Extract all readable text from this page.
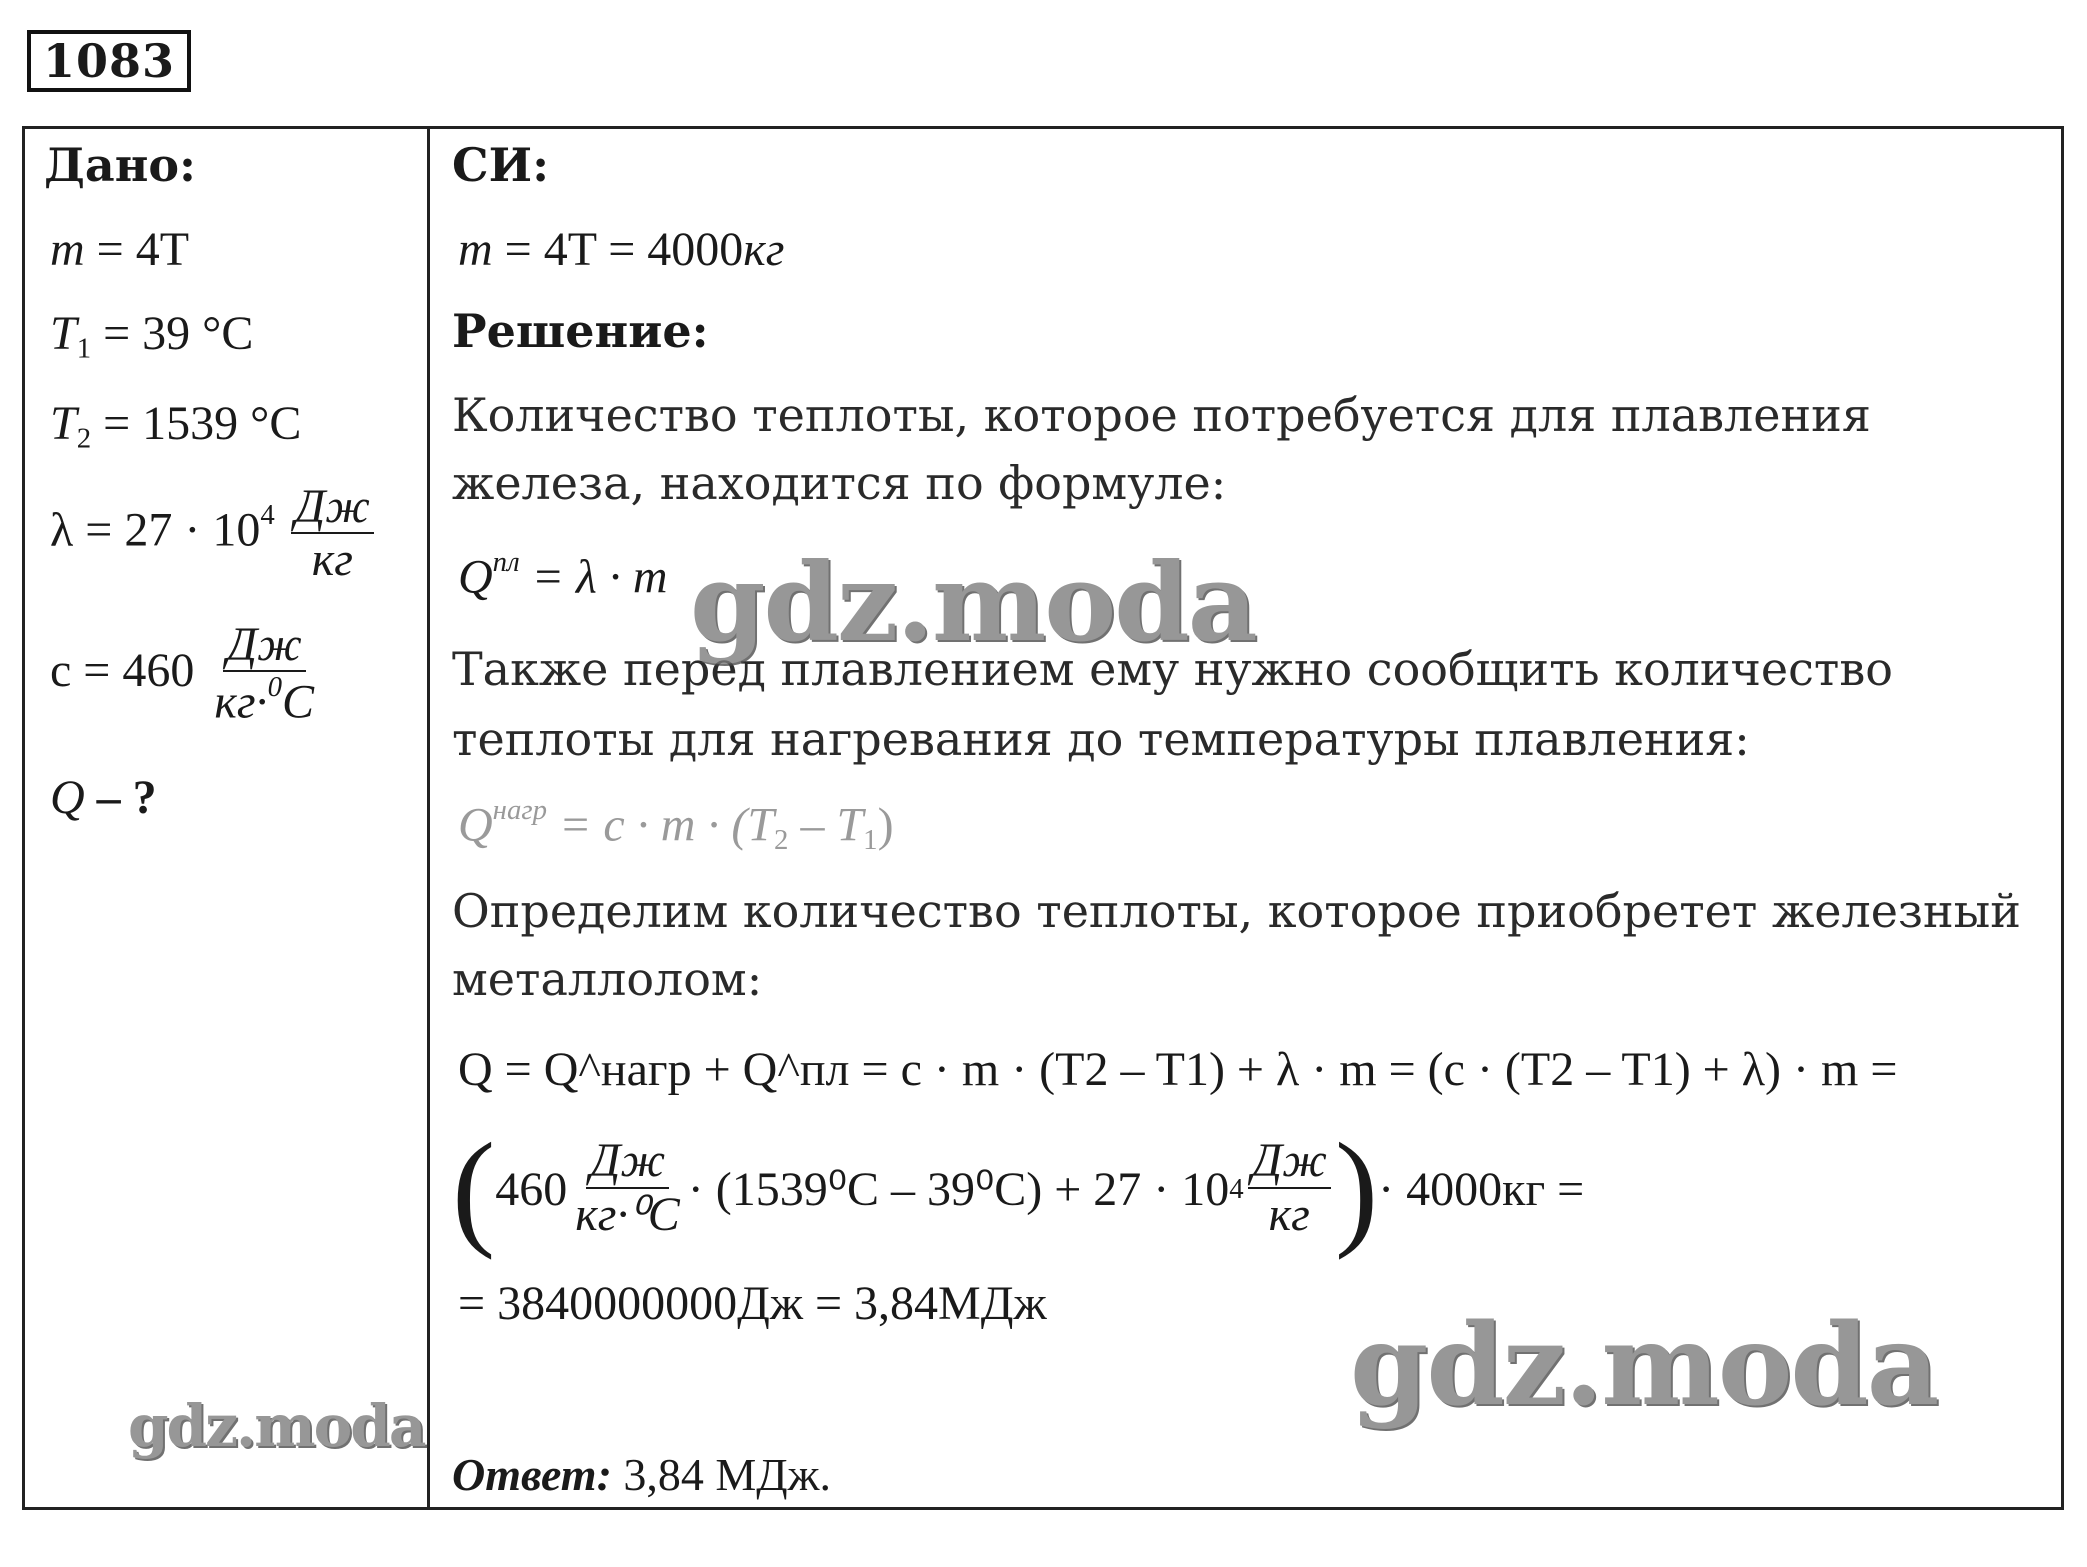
1083
Дано:
m = 4T
$T_1 = 39$ °C
$T_2 = 1539$ °C
$\lambda = 27 \cdot 10^4 \frac{Дж}{кг}$
$c = 460 \frac{Дж}{кг\cdot^0C}$
Q – ?
СИ:
m = 4T = 4000кг
Решение:
Количество теплоты, которое потребуется для плавления
железа, находится по формуле:
$Q^{пл} = \lambda \cdot m$
Также перед плавлением ему нужно сообщить количество
теплоты для нагревания до температуры плавления:
$Q^{нагр} = c \cdot m \cdot (T_2 - T_1)$
Определим количество теплоты, которое приобретет железный
металлолом:
Q = Q^нагр + Q^пл = c · m · (T2 – T1) + λ · m = (c · (T2 – T1) + λ) · m =
( $460 \frac{Дж}{\text{кг·⁰C}} \cdot (1539^0C - 39^0C) + 27 \cdot 10$ $4 \frac{Дж}{кг}$ ) · 4000кг =
= 3840000000Дж = 3,84МДж
Ответ: 3,84 МДж.
gdz.moda
gdz.moda
gdz.moda
